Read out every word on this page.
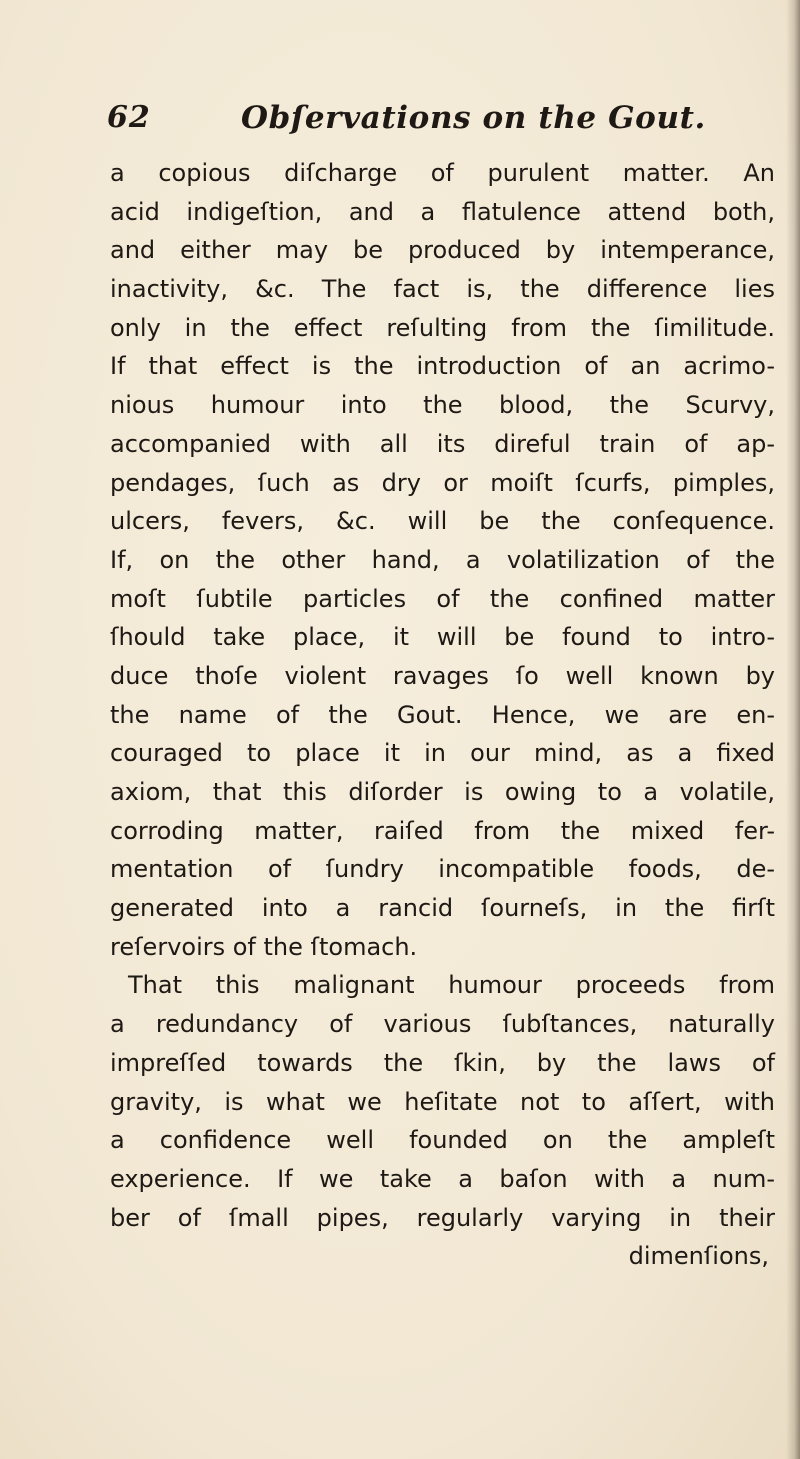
62	Obſervations on the Gout.
a copious diſcharge of purulent matter. An
acid indigeſtion, and a flatulence attend both,
and either may be produced by intemperance,
inactivity, &c. The fact is, the difference lies
only in the effect reſulting from the ſimilitude.
If that effect is the introduction of an acrimo-
nious humour into the blood, the Scurvy,
accompanied with all its direful train of ap-
pendages, ſuch as dry or moiſt ſcurfs, pimples,
ulcers, fevers, &c. will be the conſequence.
If, on the other hand, a volatilization of the
moſt ſubtile particles of the confined matter
ſhould take place, it will be found to intro-
duce thoſe violent ravages ſo well known by
the name of the Gout. Hence, we are en-
couraged to place it in our mind, as a fixed
axiom, that this diſorder is owing to a volatile,
corroding matter, raiſed from the mixed fer-
mentation of ſundry incompatible foods, de-
generated into a rancid ſourneſs, in the firſt
reſervoirs of the ſtomach.
That this malignant humour proceeds from
a redundancy of various ſubſtances, naturally
impreſſed towards the ſkin, by the laws of
gravity, is what we heſitate not to aſſert, with
a confidence well founded on the ampleſt
experience. If we take a baſon with a num-
ber of ſmall pipes, regularly varying in their
dimenſions,
